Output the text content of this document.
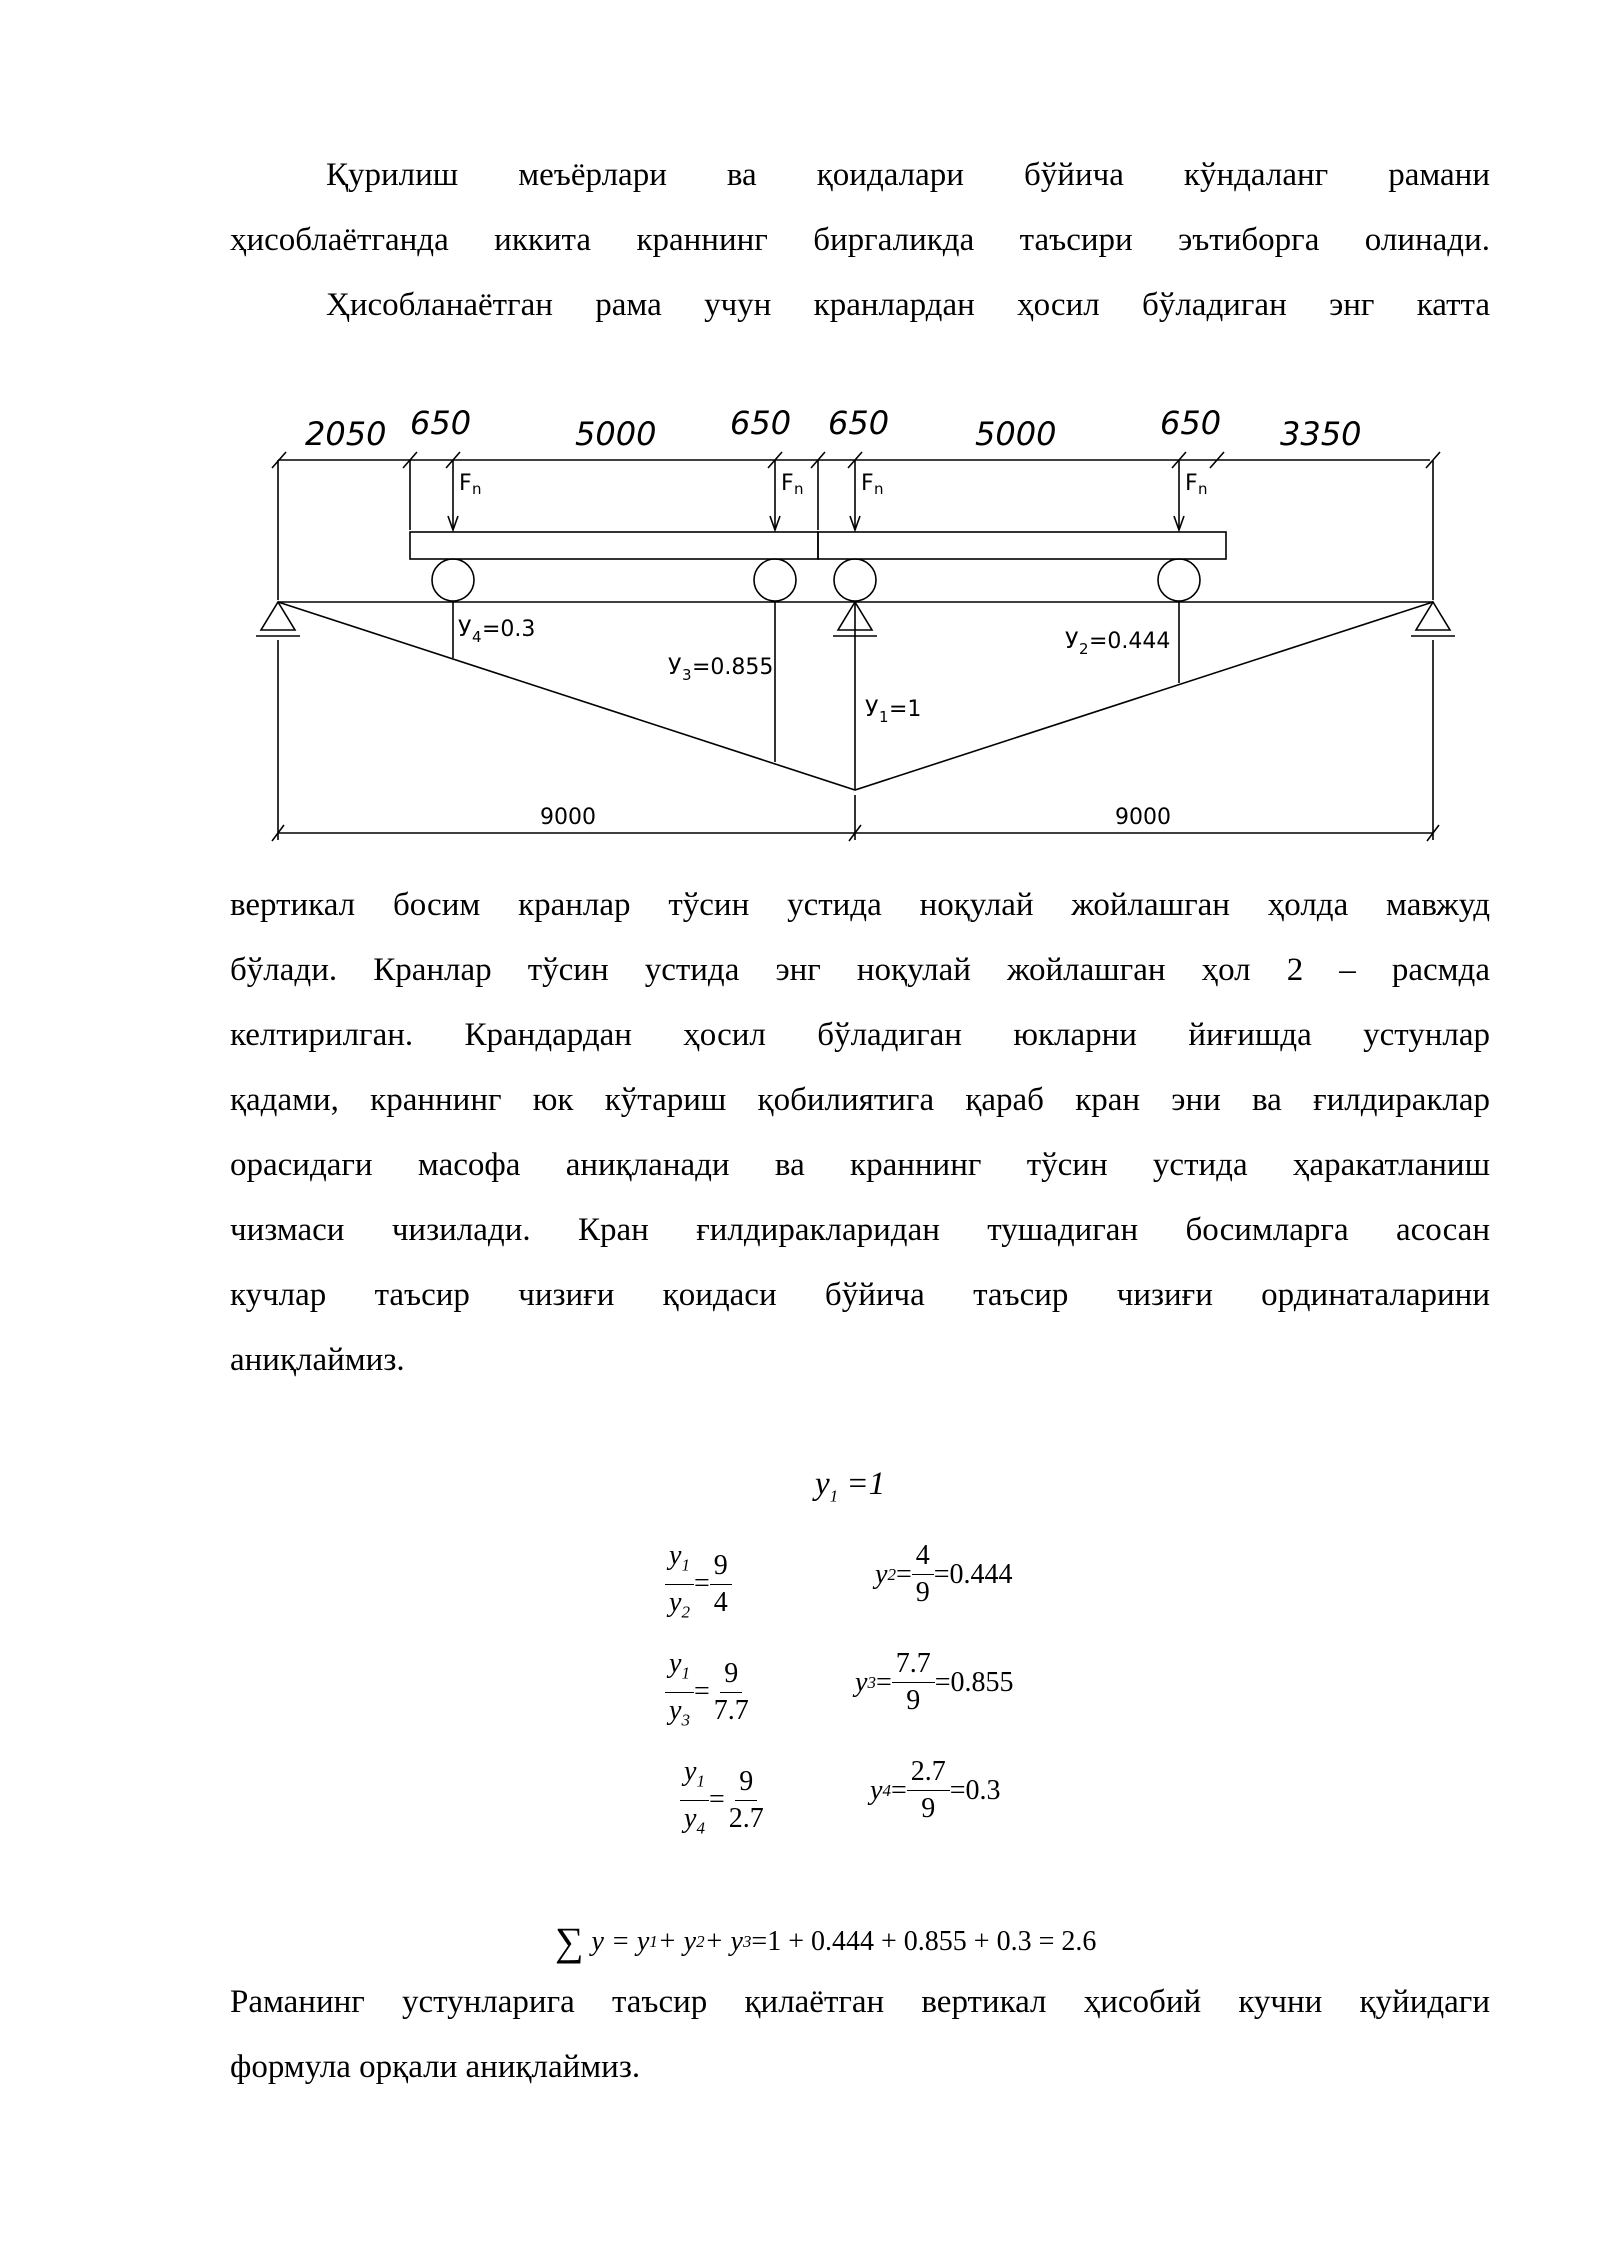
Қурилиш меъёрлари ва қоидалари бўйича кўндаланг рамани
ҳисоблаётганда иккита краннинг биргаликда таъсири эътиборга олинади.
Ҳисобланаётган рама учун кранлардан ҳосил бўладиган энг катта
2050 650	5000 650 650	5000	650 3350
F n	F n	F n	F n
У 4 =0.3
У 3 =0.855
У 1 =1
У 2 =0.444
9000	9000
вертикал босим кранлар тўсин устида ноқулай жойлашган ҳолда мавжуд
бўлади. Кранлар тўсин устида энг ноқулай жойлашган ҳол 2 – расмда
келтирилган. Крандардан ҳосил бўладиган юкларни йиғишда устунлар
қадами, краннинг юк кўтариш қобилиятига қараб кран эни ва ғилдираклар
орасидаги масофа аниқланади ва краннинг тўсин устида ҳаракатланиш
чизмаси чизилади. Кран ғилдиракларидан тушадиган босимларга асосан
кучлар таъсир чизиғи қоидаси бўйича таъсир чизиғи ординаталарини
аниқлаймиз.
$y_1 =1$
$\frac{y_1}{y_2} = \frac{9}{4}$	y $2 = \frac{4}{9} = 0.444$
$\frac{y_1}{y_3} = \frac{9}{7.7}$	y $3 = \frac{7.7}{9} = 0.855$
$\frac{y_1}{y_4} = \frac{9}{2.7}$	y $4 = \frac{2.7}{9} = 0.3$
∑ y = y 1 + y 2 + y 3 =1 + 0.444 + 0.855 + 0.3 = 2.6
Раманинг устунларига таъсир қилаётган вертикал ҳисобий кучни қуйидаги
формула орқали аниқлаймиз.
